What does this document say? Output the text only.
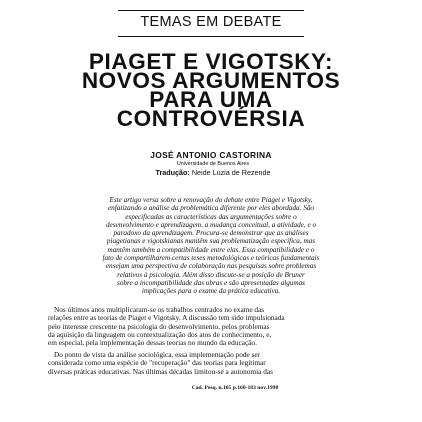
TEMAS EM DEBATE
PIAGET E VIGOTSKY:
NOVOS ARGUMENTOS
PARA UMA
CONTROVÉRSIA
JOSÉ ANTONIO CASTORINA
Universidade de Buenos Aires
Tradução: Neide Luzia de Rezende
Este artigo versa sobre a renovação do debate entre Piaget e Vigotsky,
enfatizando a análise da problemática diferente por eles abordada. São
especificadas as características das argumentações sobre o
desenvolvimento e aprendizagem, a mudança conceitual, a atividade, e o
paradoxo da aprendizagem. Procura-se demonstrar que as análises
piagetianas e vigotskianas mantêm sua problematização específica, mas
mantêm também a compatibilidade entre elas. Essa compatibilidade e o
fato de compartilharem certas teses metodológicas e teóricas fundamentais
ensejam uma perspectiva de colaboração nas pesquisas sobre problemas
relativos à psicologia. Além disso discute-se a posição de Bruner
sobre a incompatibilidade das obras e são apresentadas algumas
implicações para o exame da prática educativa.
Nos últimos anos multiplicaram-se os trabalhos centrados no exame das
relações entre as teorias de Piaget e Vigotsky. A discussão tem sido impulsionada
pelo interesse crescente na psicologia do desenvolvimento, pelos problemas
da aquisição da linguagem ou contextualização dos atos de conhecimento, e,
em especial, pela implementação dessas teorias no mundo da educação.
Do ponto de vista da análise sociológica, essa implementação pode ser
considerada como uma espécie de "recuperação" das teorias para legitimar
diversas práticas educativas. Nas últimas décadas limitou-se a autonomia das
Cad. Pesq. n.105 p.160-183 nov.1998
